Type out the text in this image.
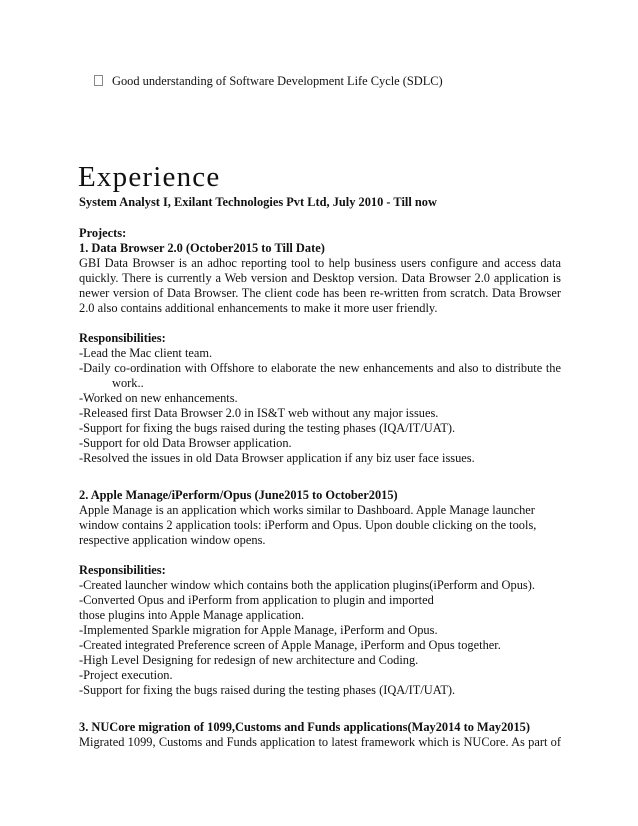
Good understanding of Software Development Life Cycle (SDLC)
Experience
System Analyst I, Exilant Technologies Pvt Ltd, July 2010 - Till now
Projects:
1. Data Browser 2.0 (October2015 to Till Date)
GBI Data Browser is an adhoc reporting tool to help business users configure and access data
quickly. There is currently a Web version and Desktop version. Data Browser 2.0 application is
newer version of Data Browser. The client code has been re-written from scratch. Data Browser
2.0 also contains additional enhancements to make it more user friendly.
Responsibilities:
-Lead the Mac client team.
-Daily co-ordination with Offshore to elaborate the new enhancements and also to distribute the
work..
-Worked on new enhancements.
-Released first Data Browser 2.0 in IS&T web without any major issues.
-Support for fixing the bugs raised during the testing phases (IQA/IT/UAT).
-Support for old Data Browser application.
-Resolved the issues in old Data Browser application if any biz user face issues.
2. Apple Manage/iPerform/Opus (June2015 to October2015)
Apple Manage is an application which works similar to Dashboard. Apple Manage launcher
window contains 2 application tools: iPerform and Opus. Upon double clicking on the tools,
respective application window opens.
Responsibilities:
-Created launcher window which contains both the application plugins(iPerform and Opus).
-Converted Opus and iPerform from application to plugin and imported
those plugins into Apple Manage application.
-Implemented Sparkle migration for Apple Manage, iPerform and Opus.
-Created integrated Preference screen of Apple Manage, iPerform and Opus together.
-High Level Designing for redesign of new architecture and Coding.
-Project execution.
-Support for fixing the bugs raised during the testing phases (IQA/IT/UAT).
3. NUCore migration of 1099,Customs and Funds applications(May2014 to May2015)
Migrated 1099, Customs and Funds application to latest framework which is NUCore. As part of
